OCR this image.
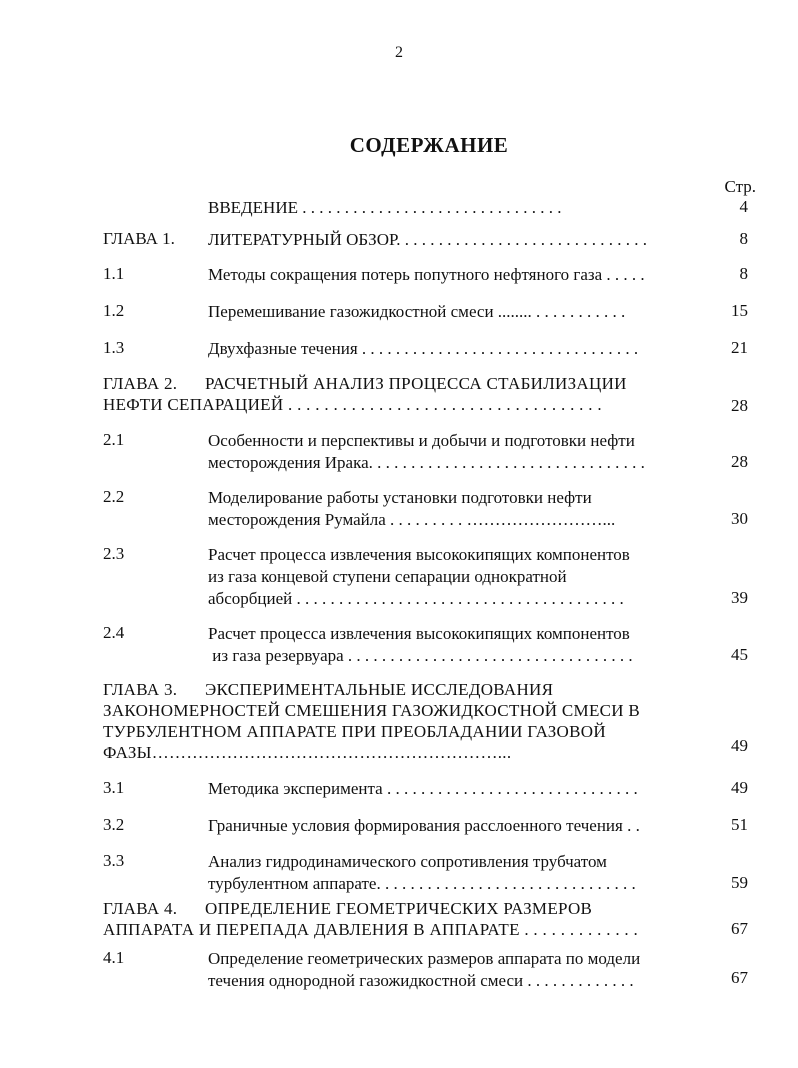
2
СОДЕРЖАНИЕ
Стр.
ВВЕДЕНИЕ . . . . . . . . . . . . . . . . . . . . . . . . . . . . . . .	4
ГЛАВА 1. ЛИТЕРАТУРНЫЙ ОБЗОР. . . . . . . . . . . . . . . . . . . . . . . . . . . . . .	8
1.1	Методы сокращения потерь попутного нефтяного газа . . . . .	8
1.2	Перемешивание газожидкостной смеси ........ . . . . . . . . . . .	15
1.3	Двухфазные течения . . . . . . . . . . . . . . . . . . . . . . . . . . . . . . . . .	21
ГЛАВА 2. РАСЧЕТНЫЙ АНАЛИЗ ПРОЦЕССА СТАБИЛИЗАЦИИ
НЕФТИ СЕПАРАЦИЕЙ . . . . . . . . . . . . . . . . . . . . . . . . . . . . . . . . . . .	28
2.1	Особенности и перспективы и добычи и подготовки нефти
месторождения Ирака. . . . . . . . . . . . . . . . . . . . . . . . . . . . . . . . .	28
2.2	Моделирование работы установки подготовки нефти
месторождения Румайла . . . . . . . . . ……………………...	30
2.3	Расчет процесса извлечения высококипящих компонентов
из газа концевой ступени сепарации однократной
абсорбцией . . . . . . . . . . . . . . . . . . . . . . . . . . . . . . . . . . . . . . .	39
2.4	Расчет процесса извлечения высококипящих компонентов
из газа резервуара . . . . . . . . . . . . . . . . . . . . . . . . . . . . . . . . . .	45
ГЛАВА 3. ЭКСПЕРИМЕНТАЛЬНЫЕ ИССЛЕДОВАНИЯ
ЗАКОНОМЕРНОСТЕЙ СМЕШЕНИЯ ГАЗОЖИДКОСТНОЙ СМЕСИ В
ТУРБУЛЕНТНОМ АППАРАТЕ ПРИ ПРЕОБЛАДАНИИ ГАЗОВОЙ
ФАЗЫ……………………………………………………...	49
3.1	Методика эксперимента . . . . . . . . . . . . . . . . . . . . . . . . . . . . . .	49
3.2	Граничные условия формирования расслоенного течения . .	51
3.3	Анализ гидродинамического сопротивления трубчатом
турбулентном аппарате. . . . . . . . . . . . . . . . . . . . . . . . . . . . . . .	59
ГЛАВА 4. ОПРЕДЕЛЕНИЕ ГЕОМЕТРИЧЕСКИХ РАЗМЕРОВ
АППАРАТА И ПЕРЕПАДА ДАВЛЕНИЯ В АППАРАТЕ . . . . . . . . . . . . .	67
4.1	Определение геометрических размеров аппарата по модели
течения однородной газожидкостной смеси . . . . . . . . . . . . .	67
